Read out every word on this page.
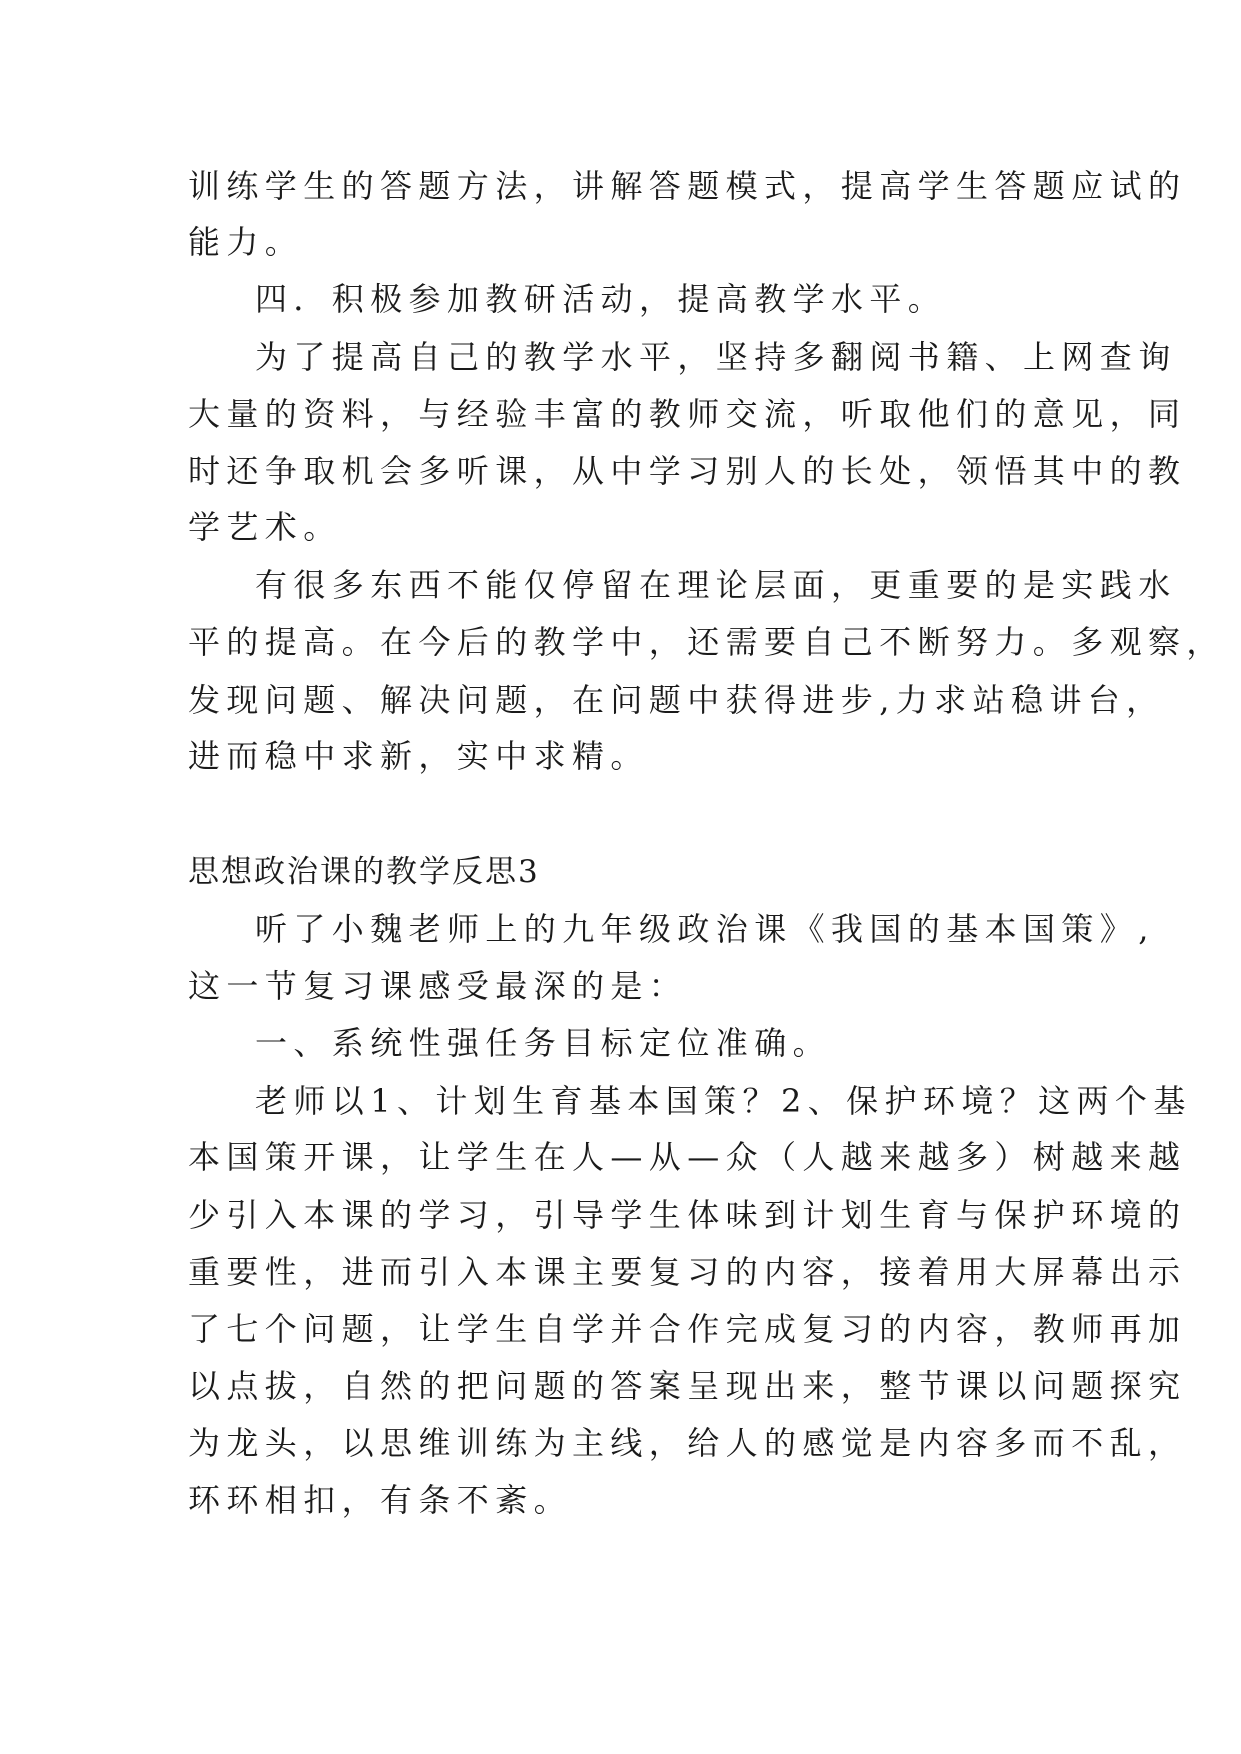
训练学生的答题方法，讲解答题模式，提高学生答题应试的
能力。
四．积极参加教研活动，提高教学水平。
为了提高自己的教学水平，坚持多翻阅书籍、上网查询
大量的资料，与经验丰富的教师交流，听取他们的意见，同
时还争取机会多听课，从中学习别人的长处，领悟其中的教
学艺术。
有很多东西不能仅停留在理论层面，更重要的是实践水
平的提高。在今后的教学中，还需要自己不断努力。多观察，
发现问题、解决问题，在问题中获得进步,力求站稳讲台，
进而稳中求新，实中求精。
思想政治课的教学反思3
听了小魏老师上的九年级政治课《我国的基本国策》,
这一节复习课感受最深的是：
一、系统性强任务目标定位准确。
老师以1、计划生育基本国策？2、保护环境？这两个基
本国策开课，让学生在人—从—众（人越来越多）树越来越
少引入本课的学习，引导学生体味到计划生育与保护环境的
重要性，进而引入本课主要复习的内容，接着用大屏幕出示
了七个问题，让学生自学并合作完成复习的内容，教师再加
以点拔，自然的把问题的答案呈现出来，整节课以问题探究
为龙头，以思维训练为主线，给人的感觉是内容多而不乱，
环环相扣，有条不紊。
